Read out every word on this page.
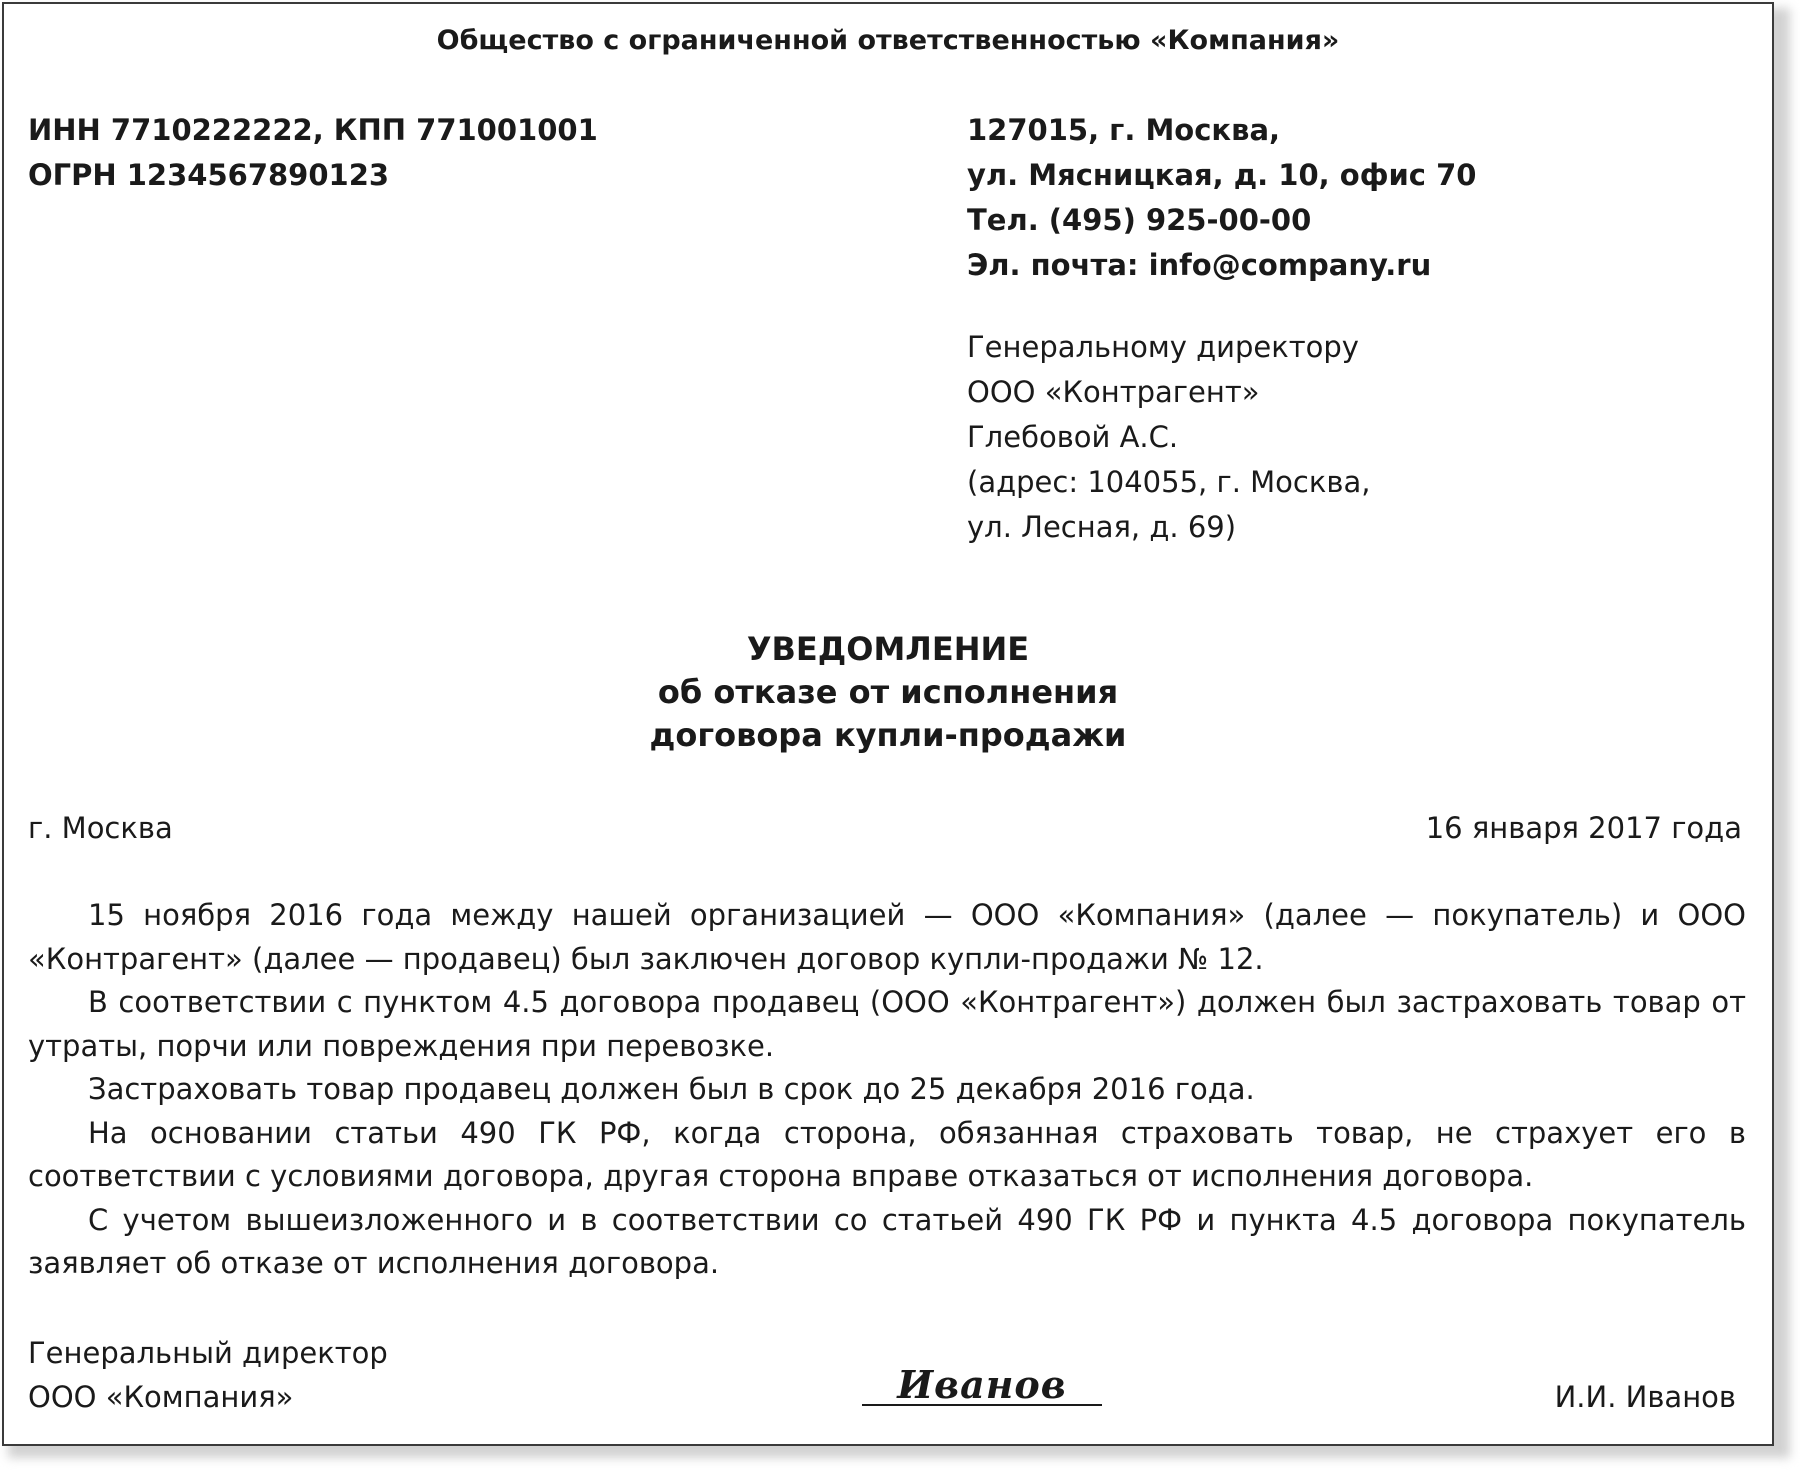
Общество с ограниченной ответственностью «Компания»
ИНН 7710222222, КПП 771001001
ОГРН 1234567890123
127015, г. Москва,
ул. Мясницкая, д. 10, офис 70
Тел. (495) 925-00-00
Эл. почта: info@company.ru
Генеральному директору
ООО «Контрагент»
Глебовой А.С.
(адрес: 104055, г. Москва,
ул. Лесная, д. 69)
УВЕДОМЛЕНИЕ
об отказе от исполнения
договора купли-продажи
г. Москва	16 января 2017 года

15 ноября 2016 года между нашей организацией — ООО «Компания» (далее — покупатель) и ООО «Контрагент» (далее — продавец) был заключен договор купли-продажи № 12.

В соответствии с пунктом 4.5 договора продавец (ООО «Контрагент») должен был застраховать товар от утраты, порчи или повреждения при перевозке.

Застраховать товар продавец должен был в срок до 25 декабря 2016 года.

На основании статьи 490 ГК РФ, когда сторона, обязанная страховать товар, не страхует его в соответствии с условиями договора, другая сторона вправе отказаться от исполнения договора.

С учетом вышеизложенного и в соответствии со статьей 490 ГК РФ и пункта 4.5 договора покупатель заявляет об отказе от исполнения договора.

Генеральный директор
ООО «Компания»	Иванов	И.И. Иванов
